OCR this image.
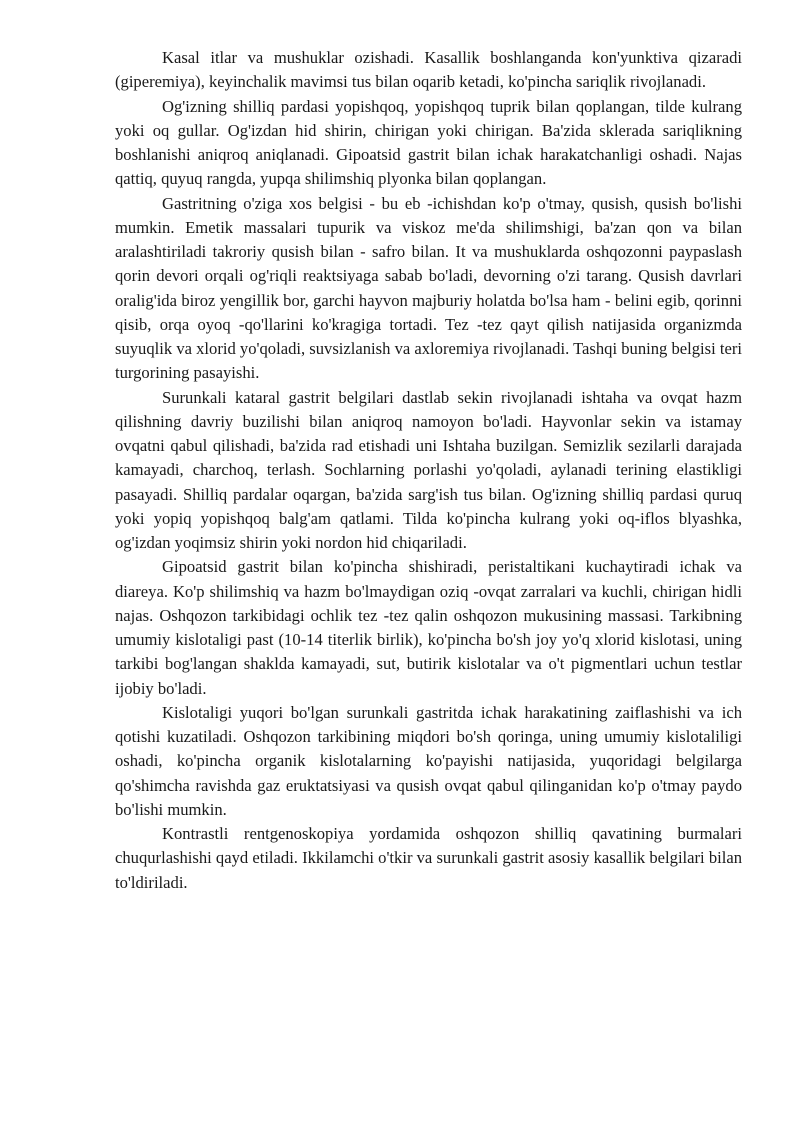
Kasal itlar va mushuklar ozishadi. Kasallik boshlanganda kon'yunktiva qizaradi (giperemiya), keyinchalik mavimsi tus bilan oqarib ketadi, ko'pincha sariqlik rivojlanadi.

Og'izning shilliq pardasi yopishqoq, yopishqoq tuprik bilan qoplangan, tilde kulrang yoki oq gullar. Og'izdan hid shirin, chirigan yoki chirigan. Ba'zida sklerada sariqlikning boshlanishi aniqroq aniqlanadi. Gipoatsid gastrit bilan ichak harakatchanligi oshadi. Najas qattiq, quyuq rangda, yupqa shilimshiq plyonka bilan qoplangan.

Gastritning o'ziga xos belgisi - bu eb -ichishdan ko'p o'tmay, qusish, qusish bo'lishi mumkin. Emetik massalari tupurik va viskoz me'da shilimshigi, ba'zan qon va bilan aralashtiriladi takroriy qusish bilan - safro bilan. It va mushuklarda oshqozonni paypaslash qorin devori orqali og'riqli reaktsiyaga sabab bo'ladi, devorning o'zi tarang. Qusish davrlari oralig'ida biroz yengillik bor, garchi hayvon majburiy holatda bo'lsa ham - belini egib, qorinni qisib, orqa oyoq -qo'llarini ko'kragiga tortadi. Tez -tez qayt qilish natijasida organizmda suyuqlik va xlorid yo'qoladi, suvsizlanish va axloremiya rivojlanadi. Tashqi buning belgisi teri turgorining pasayishi.

Surunkali kataral gastrit belgilari dastlab sekin rivojlanadi ishtaha va ovqat hazm qilishning davriy buzilishi bilan aniqroq namoyon bo'ladi. Hayvonlar sekin va istamay ovqatni qabul qilishadi, ba'zida rad etishadi uni Ishtaha buzilgan. Semizlik sezilarli darajada kamayadi, charchoq, terlash. Sochlarning porlashi yo'qoladi, aylanadi terining elastikligi pasayadi. Shilliq pardalar oqargan, ba'zida sarg'ish tus bilan. Og'izning shilliq pardasi quruq yoki yopiq yopishqoq balg'am qatlami. Tilda ko'pincha kulrang yoki oq-iflos blyashka, og'izdan yoqimsiz shirin yoki nordon hid chiqariladi.

Gipoatsid gastrit bilan ko'pincha shishiradi, peristaltikani kuchaytiradi ichak va diareya. Ko'p shilimshiq va hazm bo'lmaydigan oziq -ovqat zarralari va kuchli, chirigan hidli najas. Oshqozon tarkibidagi ochlik tez -tez qalin oshqozon mukusining massasi. Tarkibning umumiy kislotaligi past (10-14 titerlik birlik), ko'pincha bo'sh joy yo'q xlorid kislotasi, uning tarkibi bog'langan shaklda kamayadi, sut, butirik kislotalar va o't pigmentlari uchun testlar ijobiy bo'ladi.

Kislotaligi yuqori bo'lgan surunkali gastritda ichak harakatining zaiflashishi va ich qotishi kuzatiladi. Oshqozon tarkibining miqdori bo'sh qoringa, uning umumiy kislotaliligi oshadi, ko'pincha organik kislotalarning ko'payishi natijasida, yuqoridagi belgilarga qo'shimcha ravishda gaz eruktatsiyasi va qusish ovqat qabul qilinganidan ko'p o'tmay paydo bo'lishi mumkin.

Kontrastli rentgenoskopiya yordamida oshqozon shilliq qavatining burmalari chuqurlashishi qayd etiladi. Ikkilamchi o'tkir va surunkali gastrit asosiy kasallik belgilari bilan to'ldiriladi.
